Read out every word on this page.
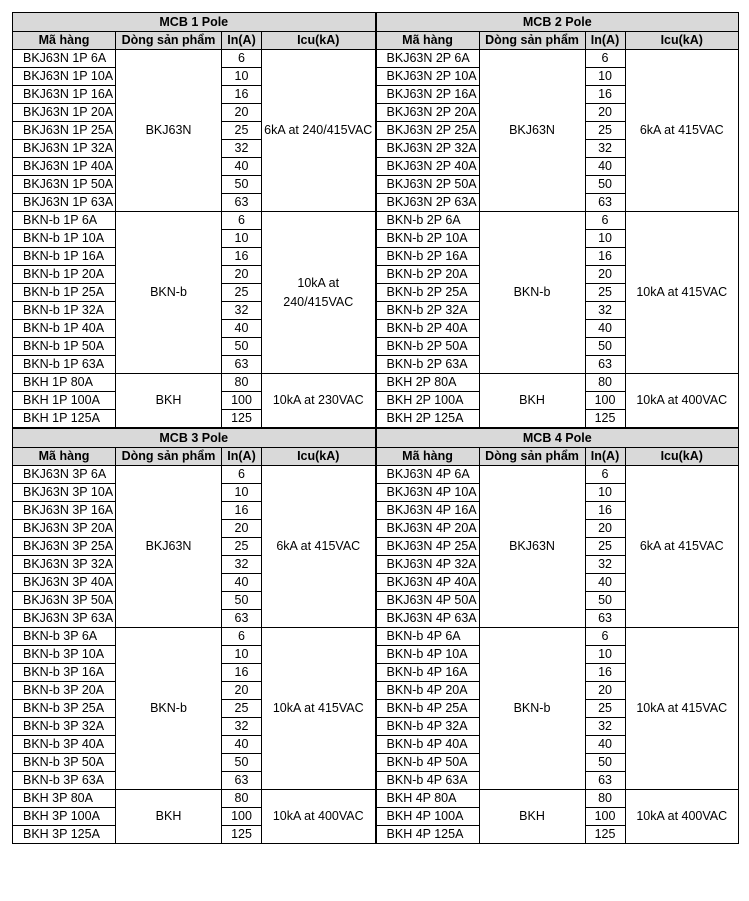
MCB 1 Pole			
Mã hàng	Dòng sản phẩm	In(A)	Icu(kA)
BKJ63N 1P 6A	BKJ63N	6	6kA at 240/415VAC
BKJ63N 1P 10A		10	
BKJ63N 1P 16A		16	
BKJ63N 1P 20A		20	
BKJ63N 1P 25A		25	
BKJ63N 1P 32A		32	
BKJ63N 1P 40A		40	
BKJ63N 1P 50A		50	
BKJ63N 1P 63A		63	
BKN-b 1P 6A	BKN-b	6	10kA at 240/415VAC
BKN-b 1P 10A		10	
BKN-b 1P 16A		16	
BKN-b 1P 20A		20	
BKN-b 1P 25A		25	
BKN-b 1P 32A		32	
BKN-b 1P 40A		40	
BKN-b 1P 50A		50	
BKN-b 1P 63A		63	
BKH 1P 80A	BKH	80	10kA at 230VAC
BKH 1P 100A		100	
BKH 1P 125A		125	
MCB 2 Pole			
Mã hàng	Dòng sản phẩm	In(A)	Icu(kA)
BKJ63N 2P 6A	BKJ63N	6	6kA at 415VAC
BKJ63N 2P 10A		10	
BKJ63N 2P 16A		16	
BKJ63N 2P 20A		20	
BKJ63N 2P 25A		25	
BKJ63N 2P 32A		32	
BKJ63N 2P 40A		40	
BKJ63N 2P 50A		50	
BKJ63N 2P 63A		63	
BKN-b 2P 6A	BKN-b	6	10kA at 415VAC
BKN-b 2P 10A		10	
BKN-b 2P 16A		16	
BKN-b 2P 20A		20	
BKN-b 2P 25A		25	
BKN-b 2P 32A		32	
BKN-b 2P 40A		40	
BKN-b 2P 50A		50	
BKN-b 2P 63A		63	
BKH 2P 80A	BKH	80	10kA at 400VAC
BKH 2P 100A		100	
BKH 2P 125A		125	
MCB 3 Pole			
Mã hàng	Dòng sản phẩm	In(A)	Icu(kA)
BKJ63N 3P 6A	BKJ63N	6	6kA at 415VAC
BKJ63N 3P 10A		10	
BKJ63N 3P 16A		16	
BKJ63N 3P 20A		20	
BKJ63N 3P 25A		25	
BKJ63N 3P 32A		32	
BKJ63N 3P 40A		40	
BKJ63N 3P 50A		50	
BKJ63N 3P 63A		63	
BKN-b 3P 6A	BKN-b	6	10kA at 415VAC
BKN-b 3P 10A		10	
BKN-b 3P 16A		16	
BKN-b 3P 20A		20	
BKN-b 3P 25A		25	
BKN-b 3P 32A		32	
BKN-b 3P 40A		40	
BKN-b 3P 50A		50	
BKN-b 3P 63A		63	
BKH 3P 80A	BKH	80	10kA at 400VAC
BKH 3P 100A		100	
BKH 3P 125A		125	
MCB 4 Pole			
Mã hàng	Dòng sản phẩm	In(A)	Icu(kA)
BKJ63N 4P 6A	BKJ63N	6	6kA at 415VAC
BKJ63N 4P 10A		10	
BKJ63N 4P 16A		16	
BKJ63N 4P 20A		20	
BKJ63N 4P 25A		25	
BKJ63N 4P 32A		32	
BKJ63N 4P 40A		40	
BKJ63N 4P 50A		50	
BKJ63N 4P 63A		63	
BKN-b 4P 6A	BKN-b	6	10kA at 415VAC
BKN-b 4P 10A		10	
BKN-b 4P 16A		16	
BKN-b 4P 20A		20	
BKN-b 4P 25A		25	
BKN-b 4P 32A		32	
BKN-b 4P 40A		40	
BKN-b 4P 50A		50	
BKN-b 4P 63A		63	
BKH 4P 80A	BKH	80	10kA at 400VAC
BKH 4P 100A		100	
BKH 4P 125A		125	
